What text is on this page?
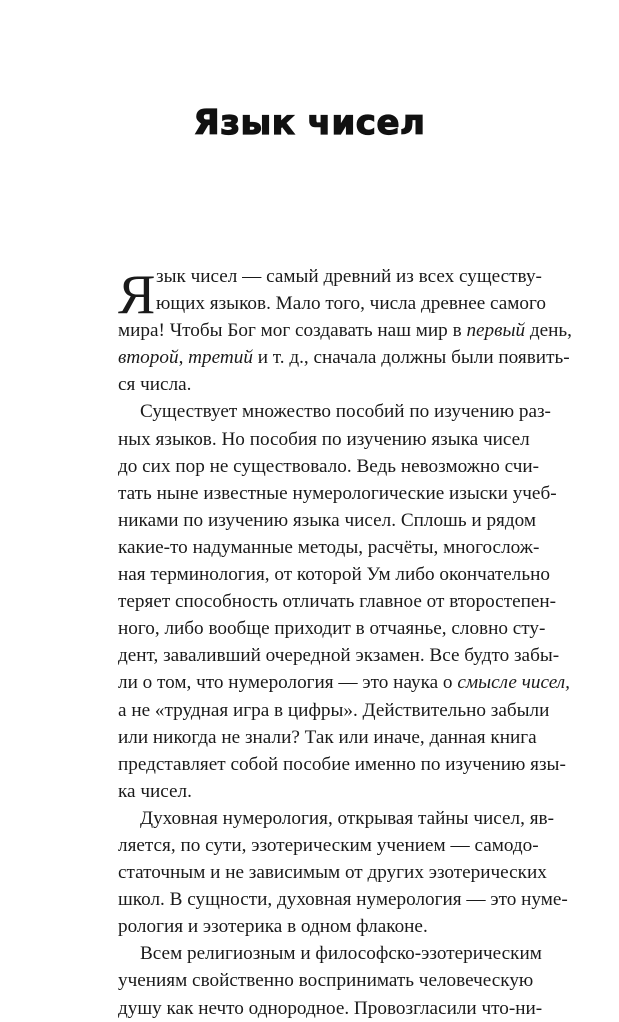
Язык чисел
Я зык чисел — самый древний из всех существу-
ющих языков. Мало того, числа древнее самого
мира! Чтобы Бог мог создавать наш мир в первый день,
второй, третий и т. д., сначала должны были появить-
ся числа.
Существует множество пособий по изучению раз-
ных языков. Но пособия по изучению языка чисел
до сих пор не существовало. Ведь невозможно счи-
тать ныне известные нумерологические изыски учеб-
никами по изучению языка чисел. Сплошь и рядом
какие-то надуманные методы, расчёты, многослож-
ная терминология, от которой Ум либо окончательно
теряет способность отличать главное от второстепен-
ного, либо вообще приходит в отчаянье, словно сту-
дент, заваливший очередной экзамен. Все будто забы-
ли о том, что нумерология — это наука о смысле чисел,
а не «трудная игра в цифры». Действительно забыли
или никогда не знали? Так или иначе, данная книга
представляет собой пособие именно по изучению язы-
ка чисел.
Духовная нумерология, открывая тайны чисел, яв-
ляется, по сути, эзотерическим учением — самодо-
статочным и не зависимым от других эзотерических
школ. В сущности, духовная нумерология — это нуме-
рология и эзотерика в одном флаконе.
Всем религиозным и философско-эзотерическим
учениям свойственно воспринимать человеческую
душу как нечто однородное. Провозгласили что-ни-
